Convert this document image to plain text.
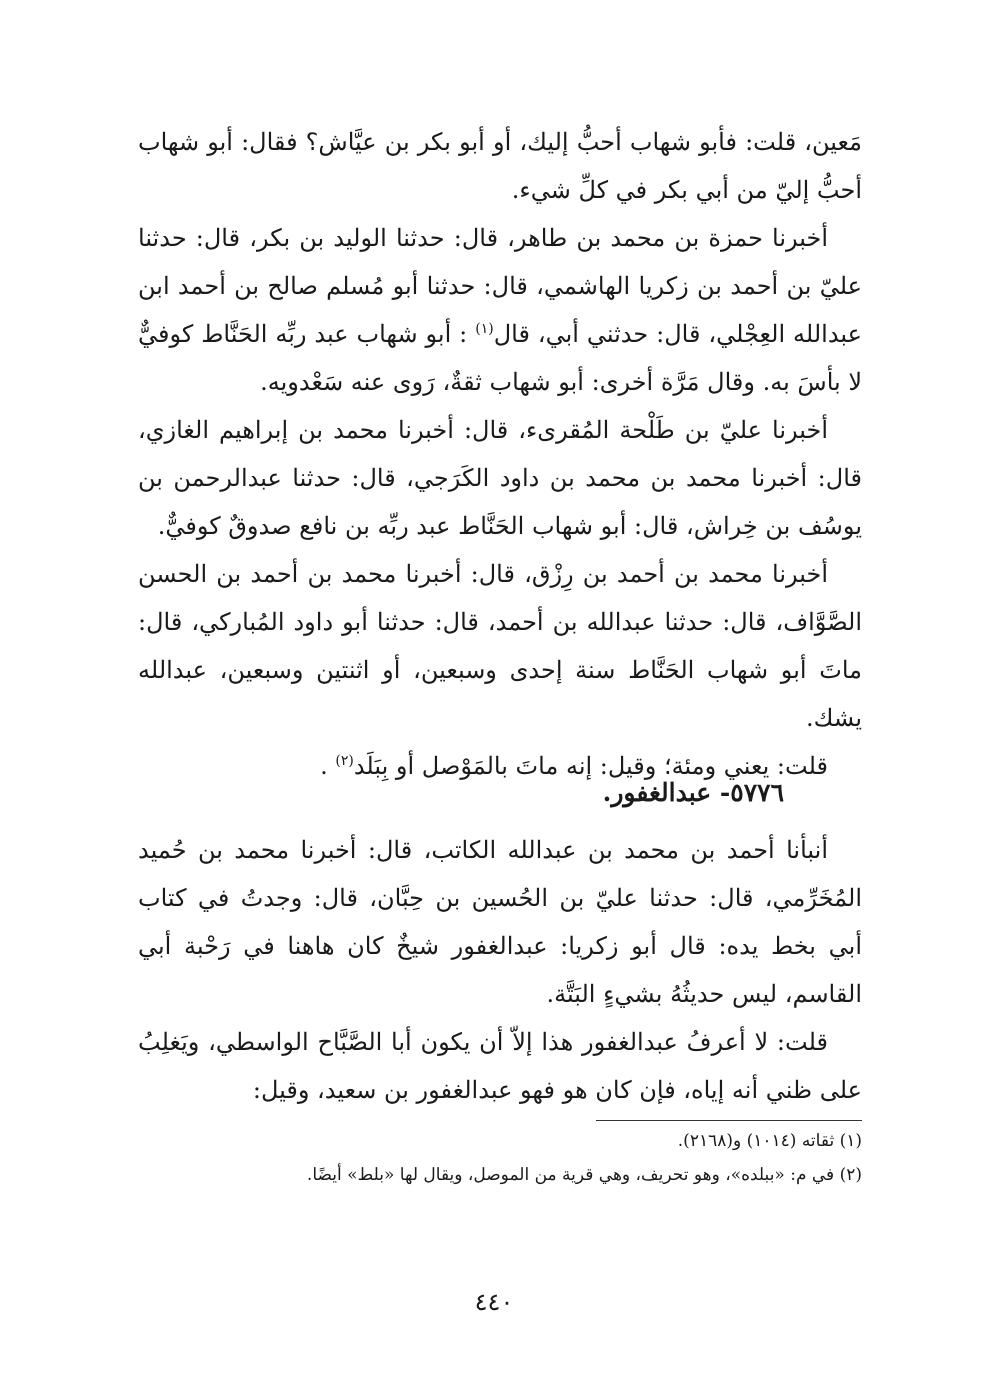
مَعين، قلت: فأبو شهاب أحبُّ إليك، أو أبو بكر بن عيَّاش؟ فقال: أبو شهاب أحبُّ إليّ من أبي بكر في كلِّ شيء.

أخبرنا حمزة بن محمد بن طاهر، قال: حدثنا الوليد بن بكر، قال: حدثنا عليّ بن أحمد بن زكريا الهاشمي، قال: حدثنا أبو مُسلم صالح بن أحمد ابن عبدالله العِجْلي، قال: حدثني أبي، قال$^{(١)}$ : أبو شهاب عبد ربِّه الحَنَّاط كوفيٌّ لا بأسَ به. وقال مَرَّة أخرى: أبو شهاب ثقةٌ، رَوى عنه سَعْدويه.

أخبرنا عليّ بن طَلْحة المُقرىء، قال: أخبرنا محمد بن إبراهيم الغازي، قال: أخبرنا محمد بن محمد بن داود الكَرَجي، قال: حدثنا عبدالرحمن بن يوسُف بن خِراش، قال: أبو شهاب الحَنَّاط عبد ربِّه بن نافع صدوقٌ كوفيٌّ.

أخبرنا محمد بن أحمد بن رِزْق، قال: أخبرنا محمد بن أحمد بن الحسن الصَّوَّاف، قال: حدثنا عبدالله بن أحمد، قال: حدثنا أبو داود المُباركي، قال: ماتَ أبو شهاب الحَنَّاط سنة إحدى وسبعين، أو اثنتين وسبعين، عبدالله يشك.

قلت: يعني ومئة؛ وقيل: إنه ماتَ بالمَوْصل أو بِبَلَد$^{(٢)}$ .

٥٧٧٦- عبدالغفور.

أنبأنا أحمد بن محمد بن عبدالله الكاتب، قال: أخبرنا محمد بن حُميد المُخَرِّمي، قال: حدثنا عليّ بن الحُسين بن حِبَّان، قال: وجدتُ في كتاب أبي بخط يده: قال أبو زكريا: عبدالغفور شيخٌ كان هاهنا في رَحْبة أبي القاسم، ليس حديثُهُ بشيءٍ البَتَّة.

قلت: لا أعرفُ عبدالغفور هذا إلاّ أن يكون أبا الصَّبَّاح الواسطي، ويَغلِبُ على ظني أنه إياه، فإن كان هو فهو عبدالغفور بن سعيد، وقيل:

(١) ثقاته (١٠١٤) و(٢١٦٨).
(٢) في م: «ببلده»، وهو تحريف، وهي قرية من الموصل، ويقال لها «بلط» أيضًا.
٤٤٠
